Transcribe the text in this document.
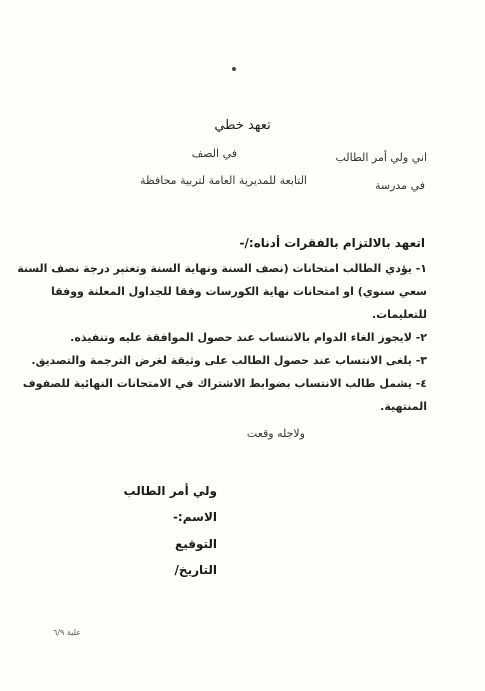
تعهد خطي
اني ولي أمر الطالب
في الصف
في مدرسة
التابعة للمديرية العامة لتربية محافظة
اتعهد بالالتزام بالفقرات أدناه:/-
١- يؤدي الطالب امتحانات (نصف السنة ونهاية السنة وتعتبر درجة نصف السنة
سعي سنوي) او امتحانات نهاية الكورسات وفقا للجداول المعلنة ووفقا
للتعليمات.
٢- لايجوز الغاء الدوام بالانتساب عند حصول الموافقة عليه وتنفيذه.
٣- يلغى الانتساب عند حصول الطالب على وثيقة لغرض الترجمة والتصديق.
٤- يشمل طالب الانتساب بضوابط الاشتراك في الامتحانات النهائية للصفوف
المنتهية.
ولاجله وقعت
ولي أمر الطالب
الاسم:-
التوقيع
التاريخ/
علية ٦/٩
